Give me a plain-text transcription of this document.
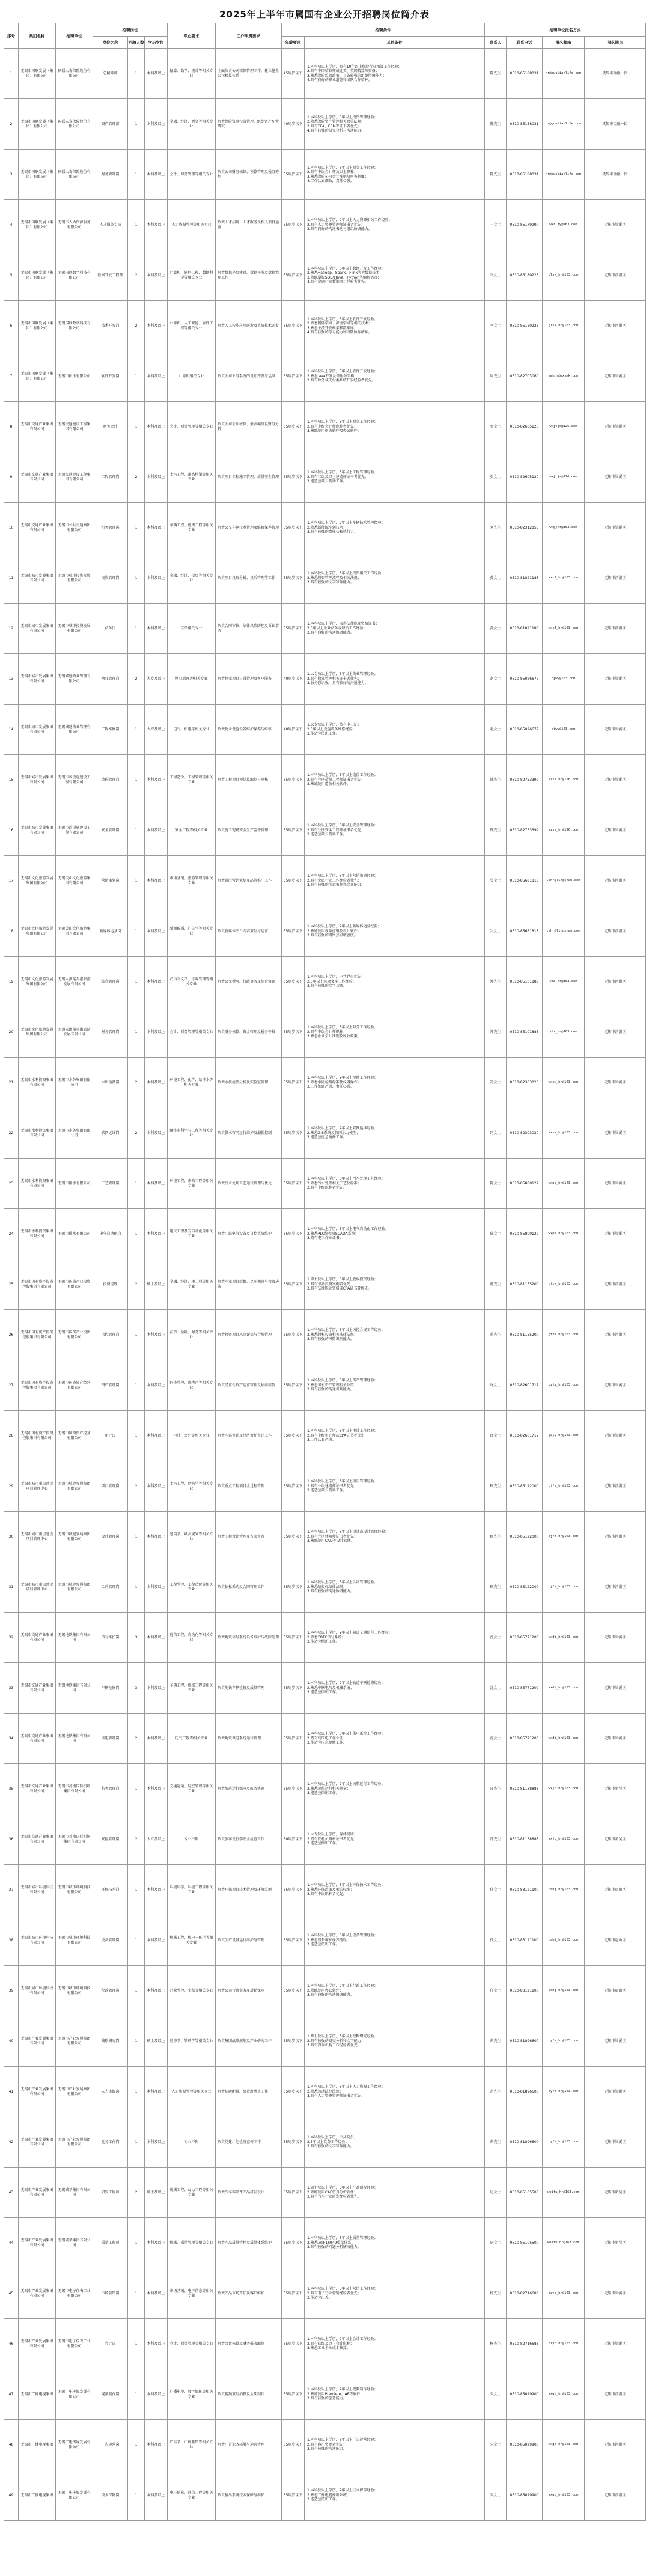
2025年上半年市属国有企业公开招聘岗位简介表
序号	集团名称	招聘单位	招聘岗位			专业要求	工作职责要求	招聘条件		招聘单位报名方式			
			岗位名称	招聘人数	学历学位			年龄要求	其他条件	联系人	联系电话	报名邮箱	报名地点
1	无锡市国联发展（集团）有限公司	国联人寿保险股份有限公司	总精算师	1	本科及以上	精算、数学、统计等相关专业	全面负责公司精算管理工作，建立健全公司精算体系	45周岁以下	1.本科及以上学历，具有10年以上保险行业精算工作经验；
2.具有中国精算师或北美、英国精算师资格；
3.熟悉保险监管政策，具备较强的组织协调能力；
4.具有良好的职业道德和团队合作精神。	陈先生	0510-85188031	hr@guolianlife.com	无锡市金融一街
2	无锡市国联发展（集团）有限公司	国联人寿保险股份有限公司	资产管理部	1	本科及以上	金融、经济、财务等相关专业	负责保险资金投资管理，组织资产配置研究	40周岁以下	1.本科及以上学历，5年以上投资管理经验；
2.熟悉保险资产管理相关政策法规；
3.具有CFA、FRM等证书者优先；
4.具有较强的研究分析与沟通能力。	陈先生	0510-85188031	hr@guolianlife.com	无锡市金融一街
3	无锡市国联发展（集团）有限公司	国联人寿保险股份有限公司	财务管理岗	1	本科及以上	会计、财务管理等相关专业	负责公司财务核算、预算管理及税务筹划	35周岁以下	1.本科及以上学历，3年以上财务工作经验；
2.具有中级会计师及以上职称；
3.熟悉保险公司会计准则及财务制度；
4.工作认真细致，责任心强。	陈先生	0510-85188031	hr@guolianlife.com	无锡市金融一街
4	无锡市国联发展（集团）有限公司	无锡市人力资源服务有限公司	人才服务专员	1	本科及以上	人力资源管理等相关专业	负责人才招聘、人才服务及相关项目运营	35周岁以下	1.本科及以上学历，2年以上人力资源相关工作经验；
2.具有人力资源管理师证书者优先；
3.具有良好的沟通表达与组织协调能力。	王女士	0510-85179990	wxrlzy@163.com	无锡市梁溪区
5	无锡市国联发展（集团）有限公司	无锡国联数字科技有限公司	数据开发工程师	2	本科及以上	计算机、软件工程、数据科学等相关专业	负责数据平台建设、数据开发及数据治理工作	35周岁以下	1.本科及以上学历，3年以上数据开发工作经验；
2.熟悉Hadoop、Spark、Flink等大数据技术；
3.熟练掌握SQL及Java、Python等编程语言；
4.具有金融行业数据项目经验者优先。	李女士	0510-85180226	glsk_hr@163.com	无锡市滨湖区
6	无锡市国联发展（集团）有限公司	无锡国联数字科技有限公司	技术开发岗	2	本科及以上	计算机、人工智能、软件工程等相关专业	负责人工智能应用研发及系统技术开发	35周岁以下	1.本科及以上学历，3年以上软件开发经验；
2.熟悉机器学习、深度学习等相关技术；
3.熟悉主流开发框架和数据库；
4.具有较强的学习能力和团队协作精神。	李女士	0510-85180226	glsk_hr@163.com	无锡市滨湖区
7	无锡市国联发展（集团）有限公司	无锡市民卡有限公司	软件开发岗	1	本科及以上	计算机相关专业	负责公司业务系统的设计开发与运维	35周岁以下	1.本科及以上学历，3年以上软件开发经验；
2.熟悉Java开发及微服务架构；
3.具有政务或支付类系统开发经验者优先。	周先生	0510-82703060	smkhr@wxsmk.com	无锡市梁溪区
8	无锡市交通产业集团有限公司	无锡交通建设工程集团有限公司	财务会计	1	本科及以上	会计、财务管理等相关专业	负责公司会计核算、报表编制及财务分析	35周岁以下	1.本科及以上学历，3年以上财务工作经验；
2.具有中级会计师职称者优先；
3.熟练使用财务软件及办公软件。	张女士	0510-82605120	wxjtjs@126.com	无锡市梁溪区
9	无锡市交通产业集团有限公司	无锡交通建设工程集团有限公司	工程管理岗	2	本科及以上	土木工程、道路桥梁等相关专业	负责项目工程施工管理、质量安全管理	35周岁以下	1.本科及以上学历，3年以上工程管理经验；
2.具有二级及以上建造师证书者优先；
3.能适应项目现场工作。	张女士	0510-82605120	wxjtjs@126.com	无锡市梁溪区
10	无锡市交通产业集团有限公司	无锡市公共交通集团有限公司	机务管理岗	1	本科及以上	车辆工程、机械工程等相关专业	负责公交车辆技术管理及维修保养管理	35周岁以下	1.本科及以上学历，2年以上车辆技术管理经验；
2.熟悉新能源车辆技术；
3.具有较强的责任心和执行力。	刘先生	0510-82312855	wxgjhr@163.com	无锡市梁溪区
11	无锡市城市发展集团有限公司	无锡市城市投资发展有限公司	投资管理岗	1	本科及以上	金融、经济、投资等相关专业	负责项目投资分析、投后管理等工作	35周岁以下	1.本科及以上学历，3年以上投资相关工作经验；
2.熟悉投资管理流程及相关法规；
3.具有较强的文字写作能力。	孙女士	0510-81821188	wxcf_hr@163.com	无锡市滨湖区
12	无锡市城市发展集团有限公司	无锡市城市投资发展有限公司	法务岗	1	本科及以上	法学相关专业	负责合同审核、法律风险防控及诉讼事务	35周岁以下	1.本科及以上学历，取得法律职业资格证书；
2.3年以上企业法务或律所工作经验；
3.具有良好的沟通协调能力。	孙女士	0510-81821188	wxcf_hr@163.com	无锡市滨湖区
13	无锡市城市发展集团有限公司	无锡城建物业管理有限公司	物业管理岗	2	大专及以上	物业管理等相关专业	负责物业项目日常管理及客户服务	40周岁以下	1.大专及以上学历，3年以上物业管理经验；
2.具有物业管理相关证书者优先；
3.服务意识强，具有较好的沟通能力。	赵女士	0510-85026677	cjwy@163.com	无锡市梁溪区
14	无锡市城市发展集团有限公司	无锡城建物业管理有限公司	工程维修岗	1	大专及以上	电气、机电等相关专业	负责物业设施设备维护保养与维修	40周岁以下	1.大专及以上学历，持有电工证；
2.3年以上设施设备维修经验；
3.能适应值班工作。	赵女士	0510-85026677	cjwy@163.com	无锡市梁溪区
15	无锡市城市发展集团有限公司	无锡市政设施建设工程有限公司	造价管理岗	1	本科及以上	工程造价、工程管理等相关专业	负责工程项目预结算编制与审核	35周岁以下	1.本科及以上学历，3年以上造价工作经验；
2.具有注册造价工程师证书者优先；
3.熟练使用造价相关软件。	钱先生	0510-82753399	szss_hr@126.com	无锡市梁溪区
16	无锡市城市发展集团有限公司	无锡市政设施建设工程有限公司	安全管理岗	1	本科及以上	安全工程等相关专业	负责施工现场安全生产监督管理	35周岁以下	1.本科及以上学历，3年以上安全管理经验；
2.具有注册安全工程师证书者优先；
3.能适应项目现场工作。	钱先生	0510-82753399	szss_hr@126.com	无锡市梁溪区
17	无锡市文化旅游发展集团有限公司	无锡灵山文化旅游集团有限公司	营销策划岗	1	本科及以上	市场营销、旅游管理等相关专业	负责景区营销策划及品牌推广工作	35周岁以下	1.本科及以上学历，3年以上营销策划经验；
2.具有文旅行业工作经验者优先；
3.具有较强的创意策划和文案能力。	吴女士	0510-85681818	lshr@lingshan.com	无锡市滨湖区
18	无锡市文化旅游发展集团有限公司	无锡灵山文化旅游集团有限公司	新媒体运营岗	1	本科及以上	新闻传播、广告学等相关专业	负责新媒体平台内容策划与运营	35周岁以下	1.本科及以上学历，2年以上新媒体运营经验；
2.熟练使用视频剪辑及设计软件；
3.具有较强的网络热点敏感度。	吴女士	0510-85681818	lshr@lingshan.com	无锡市滨湖区
19	无锡市文化旅游发展集团有限公司	无锡太湖鼋头渚旅游发展有限公司	综合管理岗	1	本科及以上	汉语言文学、行政管理等相关专业	负责公文撰写、行政事务及综合协调	35周岁以下	1.本科及以上学历，中共党员优先；
2.3年以上综合文字工作经验；
3.具有较强的文字功底。	郑先生	0510-85101888	ytz_hr@163.com	无锡市滨湖区
20	无锡市文化旅游发展集团有限公司	无锡太湖鼋头渚旅游发展有限公司	财务管理岗	1	本科及以上	会计、财务管理等相关专业	负责财务核算、资金管理及税务申报	35周岁以下	1.本科及以上学历，3年以上财务工作经验；
2.具有中级会计师职称；
3.熟悉企业会计准则及税收政策。	郑先生	0510-85101888	ytz_hr@163.com	无锡市滨湖区
21	无锡市水利投资集团有限公司	无锡市水务集团有限公司	水质检测岗	2	本科及以上	环境工程、化学、给排水等相关专业	负责水质检测分析及实验室管理	35周岁以下	1.本科及以上学历，2年以上检测工作经验；
2.熟悉水质检测标准及仪器操作；
3.工作细致严谨，责任心强。	冯女士	0510-82303020	wxsw_hr@163.com	无锡市梁溪区
22	无锡市水利投资集团有限公司	无锡市水务集团有限公司	管网运维岗	2	本科及以上	给排水科学与工程等相关专业	负责供水管网运行维护及漏损控制	35周岁以下	1.本科及以上学历，2年以上管网运维经验；
2.熟悉GIS系统及管网水力模型；
3.能适应应急抢修工作。	冯女士	0510-82303020	wxsw_hr@163.com	无锡市梁溪区
23	无锡市水利投资集团有限公司	无锡市排水有限公司	工艺管理岗	1	本科及以上	环境工程、市政工程等相关专业	负责污水处理工艺运行管理与优化	35周岁以下	1.本科及以上学历，3年以上污水处理工艺经验；
2.熟悉污水处理相关工艺及标准；
3.具有中级职称者优先。	陈女士	0510-85800122	wxps_hr@163.com	无锡市梁溪区
24	无锡市水利投资集团有限公司	无锡市排水有限公司	电气自动化岗	1	本科及以上	电气工程及其自动化等相关专业	负责厂站电气设备及自控系统维护	35周岁以下	1.本科及以上学历，3年以上电气自动化工作经验；
2.熟悉PLC编程及SCADA系统；
3.持有电工作业证书。	陈女士	0510-85800122	wxps_hr@163.com	无锡市梁溪区
25	无锡市国有资产投资控股集团有限公司	无锡市国资产业投资有限公司	投资经理	2	硕士及以上	金融、经济、理工科等相关专业	负责产业项目挖掘、尽职调查与投资决策	35周岁以下	1.硕士及以上学历，3年以上股权投资经验；
2.具有成功投资案例者优先；
3.具有法律职业资格或CPA证书者优先。	蒋先生	0510-81155200	gtzk_hr@163.com	无锡市滨湖区
26	无锡市国有资产投资控股集团有限公司	无锡市国资产业投资有限公司	风控管理岗	1	本科及以上	法学、金融、财务等相关专业	负责投资项目风险评估与合规管理	35周岁以下	1.本科及以上学历，3年以上风控合规工作经验；
2.熟悉股权投资相关法律法规；
3.具有较强的风险识别能力。	蒋先生	0510-81155200	gtzk_hr@163.com	无锡市滨湖区
27	无锡市国有资产投资控股集团有限公司	无锡市国资资产经营有限公司	资产管理岗	1	本科及以上	经济管理、房地产等相关专业	负责经营性资产运营管理及招商租赁	35周岁以下	1.本科及以上学历，3年以上资产管理经验；
2.熟悉国有资产管理相关政策；
3.具有较强的沟通谈判能力。	许女士	0510-82601717	gzjy_hr@163.com	无锡市梁溪区
28	无锡市国有资产投资控股集团有限公司	无锡市国资资产经营有限公司	审计岗	1	本科及以上	审计、会计等相关专业	负责内部审计及经济责任审计工作	35周岁以下	1.本科及以上学历，3年以上审计工作经验；
2.具有中级审计师或CPA证书者优先；
3.工作认真严谨。	许女士	0510-82601717	gzjy_hr@163.com	无锡市梁溪区
29	无锡市城市重点建设项目管理中心	无锡市城建发展集团有限公司	项目管理岗	2	本科及以上	土木工程、建筑学等相关专业	负责重点工程项目全过程管理	35周岁以下	1.本科及以上学历，3年以上项目管理经验；
2.具有一级建造师证书者优先；
3.能适应项目现场工作。	顾先生	0510-85122000	cjfz_hr@163.com	无锡市滨湖区
30	无锡市城市重点建设项目管理中心	无锡市城建发展集团有限公司	设计管理岗	1	本科及以上	建筑学、城乡规划等相关专业	负责工程设计管理及方案审查	35周岁以下	1.本科及以上学历，3年以上设计或设计管理经验；
2.具有注册建筑师证书者优先；
3.熟练使用CAD等设计软件。	顾先生	0510-85122000	cjfz_hr@163.com	无锡市滨湖区
31	无锡市城市重点建设项目管理中心	无锡市城建发展集团有限公司	合约管理岗	1	本科及以上	工程管理、工程造价等相关专业	负责招标采购及合同管理工作	35周岁以下	1.本科及以上学历，3年以上合约管理经验；
2.熟悉招投标法律法规；
3.具有较强的沟通协调能力。	顾先生	0510-85122000	cjfz_hr@163.com	无锡市滨湖区
32	无锡市交通产业集团有限公司	无锡地铁集团有限公司	信号维护岗	3	本科及以上	通信工程、自动化等相关专业	负责地铁信号系统设备维护与故障处理	35周岁以下	1.本科及以上学历，2年以上轨道交通信号工作经验；
2.熟悉CBTC信号系统；
3.能适应倒班工作。	沈女士	0510-85771200	wxdt_hr@163.com	无锡市梁溪区
33	无锡市交通产业集团有限公司	无锡地铁集团有限公司	车辆检修岗	3	本科及以上	车辆工程、机械工程等相关专业	负责地铁车辆检修及质量管理	35周岁以下	1.本科及以上学历，2年以上轨道车辆检修经验；
2.熟悉车辆电气及机械系统；
3.能适应倒班工作。	沈女士	0510-85771200	wxdt_hr@163.com	无锡市梁溪区
34	无锡市交通产业集团有限公司	无锡地铁集团有限公司	供电管理岗	2	本科及以上	电气工程等相关专业	负责地铁供电系统运行管理	35周岁以下	1.本科及以上学历，3年以上供电系统工作经验；
2.持有高压电工作业证；
3.能适应应急抢修工作。	沈女士	0510-85771200	wxdt_hr@163.com	无锡市梁溪区
35	无锡市交通产业集团有限公司	无锡市苏南国际机场集团有限公司	航务管理岗	1	本科及以上	交通运输、航空管理等相关专业	负责航班运行保障及航务协调	35周岁以下	1.本科及以上学历，2年以上民航运行工作经验；
2.熟悉民航运行相关规章；
3.能适应倒班工作。	邵先生	0510-81138888	wxjc_hr@163.com	无锡市新吴区
36	无锡市交通产业集团有限公司	无锡市苏南国际机场集团有限公司	安检管理岗	2	大专及以上	专业不限	负责旅客及行李安全检查工作	30周岁以下	1.大专及以上学历，身体健康；
2.持有安检员资格证书者优先；
3.能适应倒班工作。	邵先生	0510-81138888	wxjc_hr@163.com	无锡市新吴区
37	无锡市城市环境科技有限公司	无锡市城市环境科技有限公司	环保技术岗	1	本科及以上	环境科学、环境工程等相关专业	负责环保项目技术管理及环境监测	35周岁以下	1.本科及以上学历，3年以上环保技术工作经验；
2.熟悉环保政策及相关标准；
3.具有中级职称者优先。	任女士	0510-83121100	cshj_hr@163.com	无锡市惠山区
38	无锡市城市环境科技有限公司	无锡市城市环境科技有限公司	设备管理岗	1	本科及以上	机械工程、机电一体化等相关专业	负责生产设备运行维护与管理	35周岁以下	1.本科及以上学历，3年以上设备管理经验；
2.熟悉设备维护保养流程；
3.能适应值班工作。	任女士	0510-83121100	cshj_hr@163.com	无锡市惠山区
39	无锡市城市环境科技有限公司	无锡市城市环境科技有限公司	行政管理岗	1	本科及以上	行政管理、文秘等相关专业	负责公司行政事务及后勤保障	35周岁以下	1.本科及以上学历，2年以上行政工作经验；
2.熟练使用办公软件；
3.具有良好的沟通协调能力。	任女士	0510-83121100	cshj_hr@163.com	无锡市惠山区
40	无锡市产业发展集团有限公司	无锡市产业发展集团有限公司	战略研究岗	1	硕士及以上	经济学、管理学等相关专业	负责集团战略规划及产业研究工作	35周岁以下	1.硕士及以上学历，3年以上战略研究经验；
2.具有较强的研究分析和文字能力；
3.具有咨询机构工作经验者优先。	胡先生	0510-81896600	cyfz_hr@163.com	无锡市梁溪区
41	无锡市产业发展集团有限公司	无锡市产业发展集团有限公司	人力资源岗	1	本科及以上	人力资源管理等相关专业	负责招聘配置、绩效薪酬等工作	35周岁以下	1.本科及以上学历，3年以上人力资源工作经验；
2.熟悉劳动法律法规；
3.具有人力资源管理师证书者优先。	胡先生	0510-81896600	cyfz_hr@163.com	无锡市梁溪区
42	无锡市产业发展集团有限公司	无锡市产业发展集团有限公司	党务工作岗	1	本科及以上	专业不限	负责党建、纪检及宣传工作	35周岁以下	1.本科及以上学历，中共党员；
2.3年以上党务工作经验；
3.具有较强的文字写作能力。	胡先生	0510-81896600	cyfz_hr@163.com	无锡市梁溪区
43	无锡市产业发展集团有限公司	无锡威孚集团有限公司	研发工程师	2	硕士及以上	机械工程、动力工程等相关专业	负责汽车零部件产品研发设计	35周岁以下	1.硕士及以上学历，3年以上产品研发经验；
2.熟练使用CAE仿真分析软件；
3.具有汽车行业研发经验者优先。	唐女士	0510-85105500	weifu_hr@163.com	无锡市新吴区
44	无锡市产业发展集团有限公司	无锡威孚集团有限公司	质量工程师	1	本科及以上	机械、质量管理等相关专业	负责产品质量管控及质量体系维护	35周岁以下	1.本科及以上学历，3年以上质量管理经验；
2.熟悉IATF16949质量体系；
3.具有较强的问题分析解决能力。	唐女士	0510-85105500	weifu_hr@163.com	无锡市新吴区
45	无锡市产业发展集团有限公司	无锡市电子仪表工业有限公司	市场营销岗	1	本科及以上	市场营销、电子信息等相关专业	负责产品市场开拓及客户维护	35周岁以下	1.本科及以上学历，3年以上营销工作经验；
2.具有电子行业营销经验者优先；
3.能适应出差。	杨先生	0510-82716688	dzyb_hr@163.com	无锡市梁溪区
46	无锡市产业发展集团有限公司	无锡市电子仪表工业有限公司	会计岗	1	本科及以上	会计、财务管理等相关专业	负责会计核算及财务报表编制	35周岁以下	1.本科及以上学历，2年以上会计工作经验；
2.具有初级及以上会计职称；
3.熟悉工业企业成本核算。	杨先生	0510-82716688	dzyb_hr@163.com	无锡市梁溪区
47	无锡市广播电视集团	无锡广电传媒发展有限公司	视频制作岗	1	本科及以上	广播电视、数字媒体等相关专业	负责视频策划拍摄及后期制作	35周岁以下	1.本科及以上学历，2年以上视频制作经验；
2.熟练使用Premiere、AE等软件；
3.具有较强的创意能力。	朱女士	0510-85029900	wxgd_hr@163.com	无锡市滨湖区
48	无锡市广播电视集团	无锡广电传媒发展有限公司	广告运营岗	1	本科及以上	广告学、市场营销等相关专业	负责广告业务拓展与运营管理	35周岁以下	1.本科及以上学历，3年以上广告运营经验；
2.具有客户资源者优先；
3.具有较强的沟通能力。	朱女士	0510-85029900	wxgd_hr@163.com	无锡市滨湖区
49	无锡市广播电视集团	无锡广电传媒发展有限公司	技术保障岗	1	本科及以上	电子信息、通信工程等相关专业	负责播出系统技术保障与维护	35周岁以下	1.本科及以上学历，2年以上技术保障经验；
2.熟悉广播电视播出系统；
3.能适应值班工作。	朱女士	0510-85029900	wxgd_hr@163.com	无锡市滨湖区
